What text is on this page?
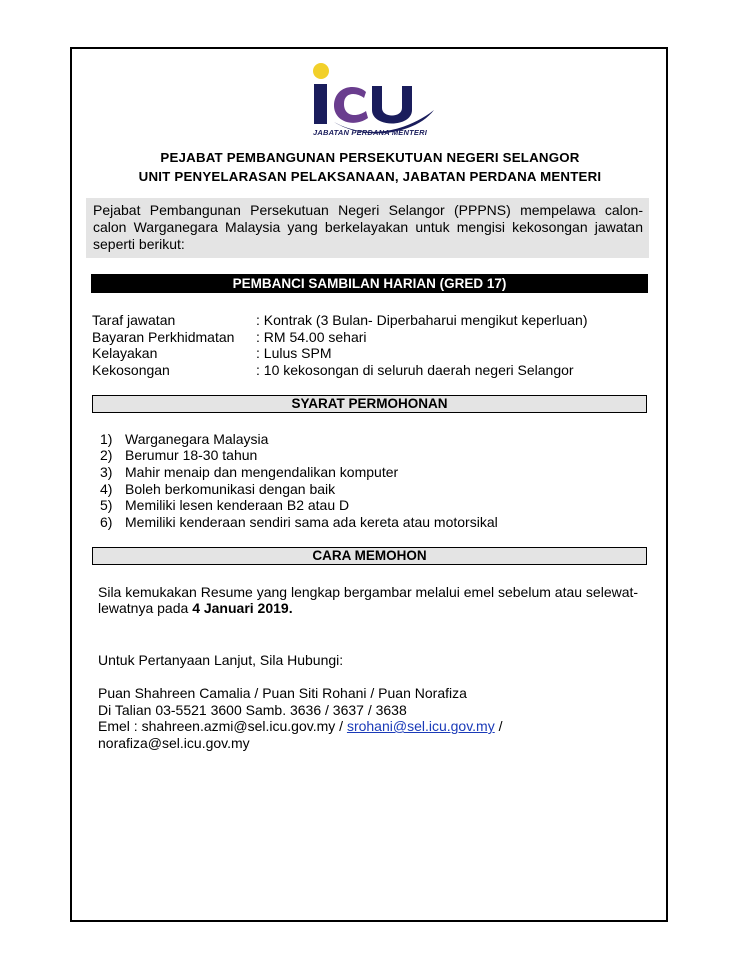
JABATAN PERDANA MENTERI
PEJABAT PEMBANGUNAN PERSEKUTUAN NEGERI SELANGOR
UNIT PENYELARASAN PELAKSANAAN, JABATAN PERDANA MENTERI
Pejabat Pembangunan Persekutuan Negeri Selangor (PPPNS) mempelawa calon-
calon Warganegara Malaysia yang berkelayakan untuk mengisi kekosongan jawatan
seperti berikut:
PEMBANCI SAMBILAN HARIAN (GRED 17)
Taraf jawatan	: Kontrak (3 Bulan- Diperbaharui mengikut keperluan)
Bayaran Perkhidmatan : RM 54.00 sehari
Kelayakan	: Lulus SPM
Kekosongan	: 10 kekosongan di seluruh daerah negeri Selangor
SYARAT PERMOHONAN
1) Warganegara Malaysia
2) Berumur 18-30 tahun
3) Mahir menaip dan mengendalikan komputer
4) Boleh berkomunikasi dengan baik
5) Memiliki lesen kenderaan B2 atau D
6) Memiliki kenderaan sendiri sama ada kereta atau motorsikal
CARA MEMOHON
Sila kemukakan Resume yang lengkap bergambar melalui emel sebelum atau selewat-
lewatnya pada 4 Januari 2019.
Untuk Pertanyaan Lanjut, Sila Hubungi:
Puan Shahreen Camalia / Puan Siti Rohani / Puan Norafiza
Di Talian 03-5521 3600 Samb. 3636 / 3637 / 3638
Emel : shahreen.azmi@sel.icu.gov.my / srohani@sel.icu.gov.my /
norafiza@sel.icu.gov.my
